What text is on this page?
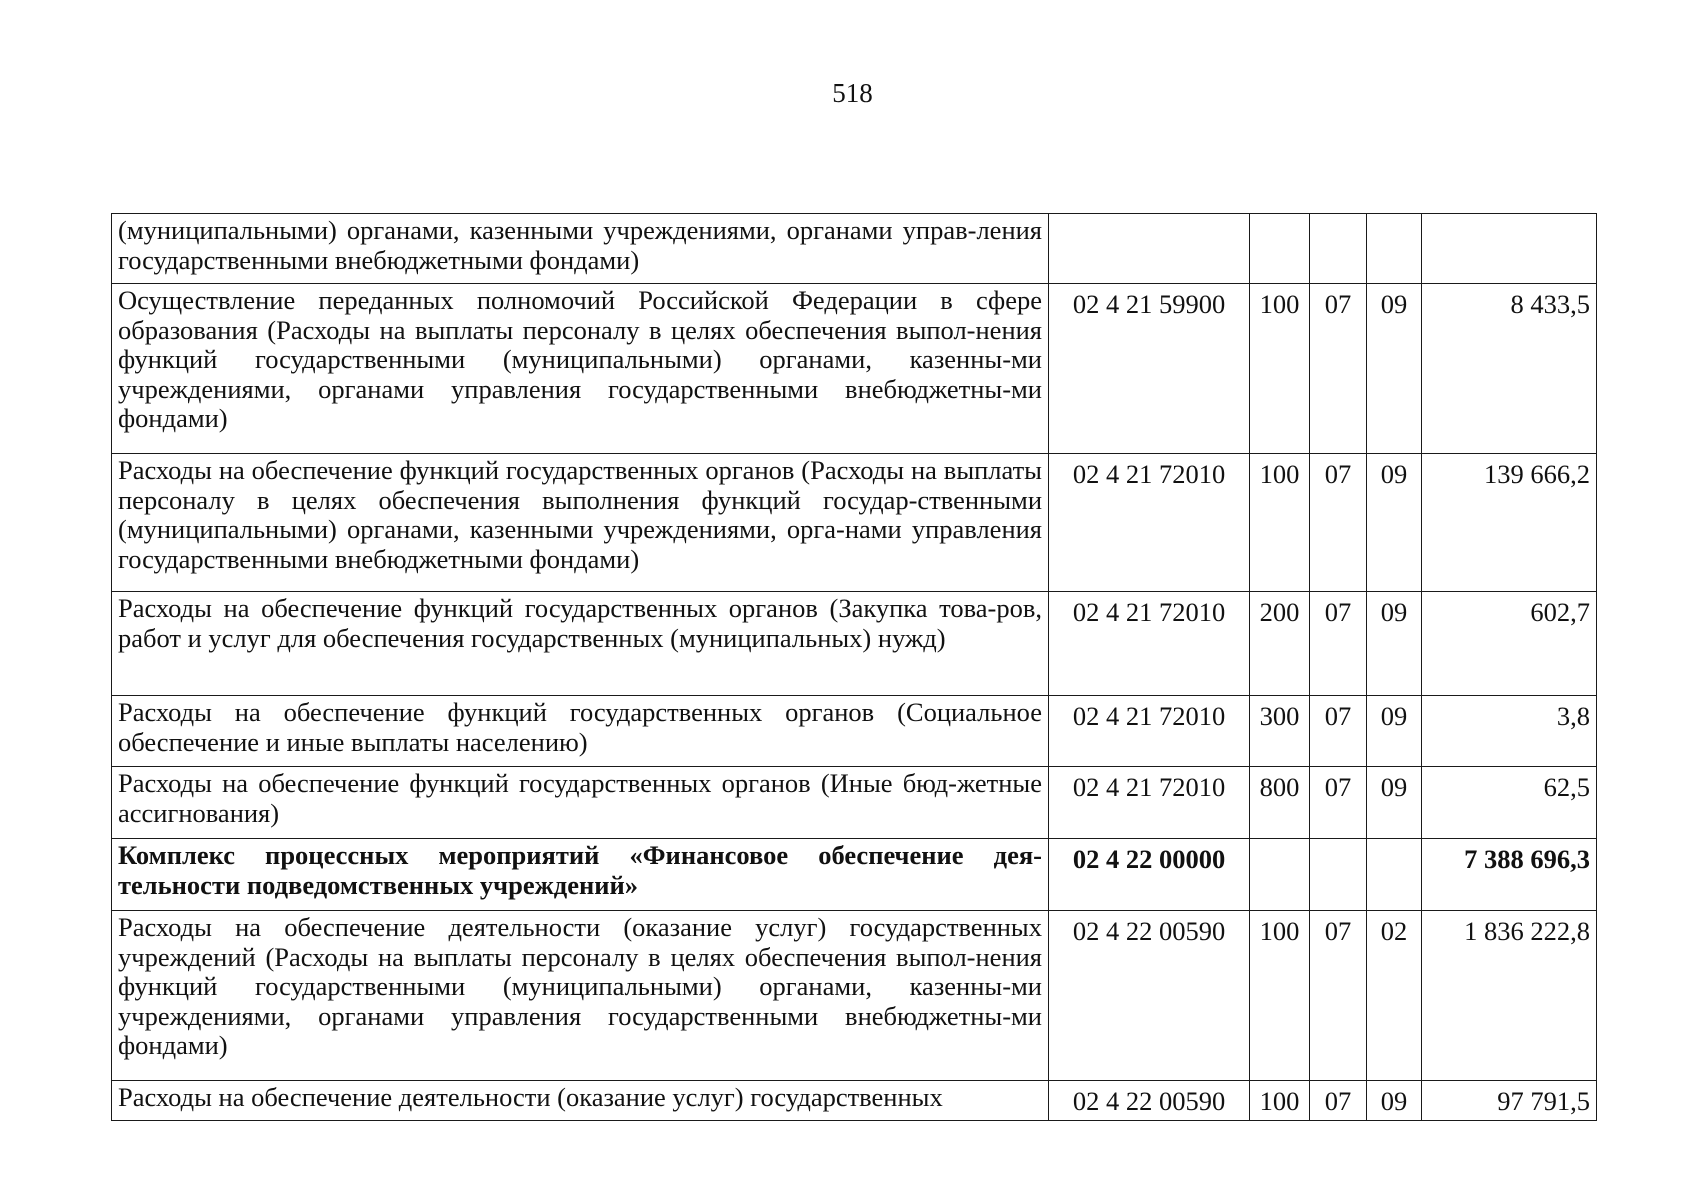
518
(муниципальными) органами, казенными учреждениями, органами управ-ления государственными внебюджетными фондами)					
Осуществление переданных полномочий Российской Федерации в сфере образования (Расходы на выплаты персоналу в целях обеспечения выпол-нения функций государственными (муниципальными) органами, казенны-ми учреждениями, органами управления государственными внебюджетны-ми фондами)	02 4 21 59900	100	07	09	8 433,5
Расходы на обеспечение функций государственных органов (Расходы на выплаты персоналу в целях обеспечения выполнения функций государ-ственными (муниципальными) органами, казенными учреждениями, орга-нами управления государственными внебюджетными фондами)	02 4 21 72010	100	07	09	139 666,2
Расходы на обеспечение функций государственных органов (Закупка това-ров, работ и услуг для обеспечения государственных (муниципальных) нужд)	02 4 21 72010	200	07	09	602,7
Расходы на обеспечение функций государственных органов (Социальное обеспечение и иные выплаты населению)	02 4 21 72010	300	07	09	3,8
Расходы на обеспечение функций государственных органов (Иные бюд-жетные ассигнования)	02 4 21 72010	800	07	09	62,5
Комплекс процессных мероприятий «Финансовое обеспечение дея-тельности подведомственных учреждений»	02 4 22 00000				7 388 696,3
Расходы на обеспечение деятельности (оказание услуг) государственных учреждений (Расходы на выплаты персоналу в целях обеспечения выпол-нения функций государственными (муниципальными) органами, казенны-ми учреждениями, органами управления государственными внебюджетны-ми фондами)	02 4 22 00590	100	07	02	1 836 222,8
Расходы на обеспечение деятельности (оказание услуг) государственных	02 4 22 00590	100	07	09	97 791,5
